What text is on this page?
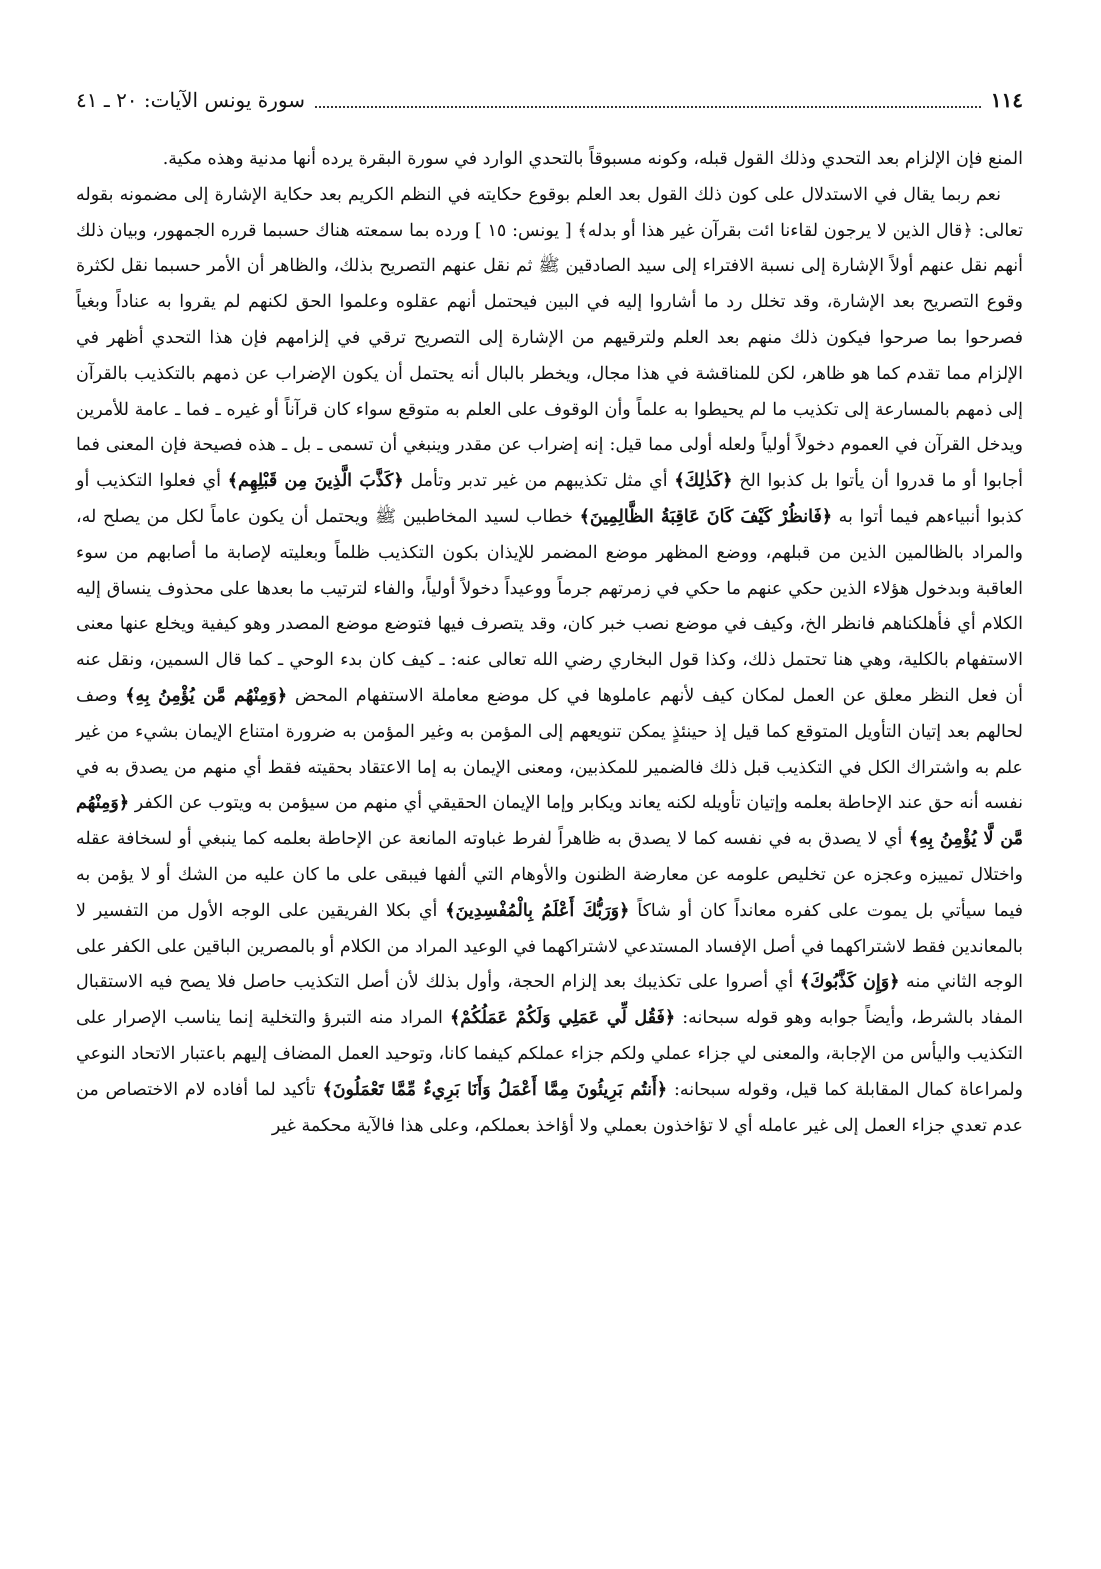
١١٤
سورة يونس الآيات: ٢٠ ـ ٤١

المنع فإن الإلزام بعد التحدي وذلك القول قبله، وكونه مسبوقاً بالتحدي الوارد في سورة البقرة يرده أنها مدنية وهذه مكية.

نعم ربما يقال في الاستدلال على كون ذلك القول بعد العلم بوقوع حكايته في النظم الكريم بعد حكاية الإشارة إلى مضمونه بقوله تعالى: ﴿قال الذين لا يرجون لقاءنا ائت بقرآن غير هذا أو بدله﴾ [ يونس: ١٥ ] ورده بما سمعته هناك حسبما قرره الجمهور، وبيان ذلك أنهم نقل عنهم أولاً الإشارة إلى نسبة الافتراء إلى سيد الصادقين ﷺ ثم نقل عنهم التصريح بذلك، والظاهر أن الأمر حسبما نقل لكثرة وقوع التصريح بعد الإشارة، وقد تخلل رد ما أشاروا إليه في البين فيحتمل أنهم عقلوه وعلموا الحق لكنهم لم يقروا به عناداً وبغياً فصرحوا بما صرحوا فيكون ذلك منهم بعد العلم ولترقيهم من الإشارة إلى التصريح ترقي في إلزامهم فإن هذا التحدي أظهر في الإلزام مما تقدم كما هو ظاهر، لكن للمناقشة في هذا مجال، ويخطر بالبال أنه يحتمل أن يكون الإضراب عن ذمهم بالتكذيب بالقرآن إلى ذمهم بالمسارعة إلى تكذيب ما لم يحيطوا به علماً وأن الوقوف على العلم به متوقع سواء كان قرآناً أو غيره ـ فما ـ عامة للأمرين ويدخل القرآن في العموم دخولاً أولياً ولعله أولى مما قيل: إنه إضراب عن مقدر وينبغي أن تسمى ـ بل ـ هذه فصيحة فإن المعنى فما أجابوا أو ما قدروا أن يأتوا بل كذبوا الخ ﴿كَذٰلِكَ﴾ أي مثل تكذيبهم من غير تدبر وتأمل ﴿كَذَّبَ الَّذِينَ مِن قَبْلِهِم﴾ أي فعلوا التكذيب أو كذبوا أنبياءهم فيما أتوا به ﴿فَانظُرْ كَيْفَ كَانَ عَاقِبَةُ الظَّالِمِينَ﴾ خطاب لسيد المخاطبين ﷺ ويحتمل أن يكون عاماً لكل من يصلح له، والمراد بالظالمين الذين من قبلهم، ووضع المظهر موضع المضمر للإيذان بكون التكذيب ظلماً وبعليته لإصابة ما أصابهم من سوء العاقبة وبدخول هؤلاء الذين حكي عنهم ما حكي في زمرتهم جرماً ووعيداً دخولاً أولياً، والفاء لترتيب ما بعدها على محذوف ينساق إليه الكلام أي فأهلكناهم فانظر الخ، وكيف في موضع نصب خبر كان، وقد يتصرف فيها فتوضع موضع المصدر وهو كيفية ويخلع عنها معنى الاستفهام بالكلية، وهي هنا تحتمل ذلك، وكذا قول البخاري رضي الله تعالى عنه: ـ كيف كان بدء الوحي ـ كما قال السمين، ونقل عنه أن فعل النظر معلق عن العمل لمكان كيف لأنهم عاملوها في كل موضع معاملة الاستفهام المحض ﴿وَمِنْهُم مَّن يُؤْمِنُ بِهِ﴾ وصف لحالهم بعد إتيان التأويل المتوقع كما قيل إذ حينئذٍ يمكن تنويعهم إلى المؤمن به وغير المؤمن به ضرورة امتناع الإيمان بشيء من غير علم به واشتراك الكل في التكذيب قبل ذلك فالضمير للمكذبين، ومعنى الإيمان به إما الاعتقاد بحقيته فقط أي منهم من يصدق به في نفسه أنه حق عند الإحاطة بعلمه وإتيان تأويله لكنه يعاند ويكابر وإما الإيمان الحقيقي أي منهم من سيؤمن به ويتوب عن الكفر ﴿وَمِنْهُم مَّن لَّا يُؤْمِنُ بِهِ﴾ أي لا يصدق به في نفسه كما لا يصدق به ظاهراً لفرط غباوته المانعة عن الإحاطة بعلمه كما ينبغي أو لسخافة عقله واختلال تمييزه وعجزه عن تخليص علومه عن معارضة الظنون والأوهام التي ألفها فيبقى على ما كان عليه من الشك أو لا يؤمن به فيما سيأتي بل يموت على كفره معانداً كان أو شاكاً ﴿وَرَبُّكَ أَعْلَمُ بِالْمُفْسِدِينَ﴾ أي بكلا الفريقين على الوجه الأول من التفسير لا بالمعاندين فقط لاشتراكهما في أصل الإفساد المستدعي لاشتراكهما في الوعيد المراد من الكلام أو بالمصرين الباقين على الكفر على الوجه الثاني منه ﴿وَإِن كَذَّبُوكَ﴾ أي أصروا على تكذيبك بعد إلزام الحجة، وأول بذلك لأن أصل التكذيب حاصل فلا يصح فيه الاستقبال المفاد بالشرط، وأيضاً جوابه وهو قوله سبحانه: ﴿فَقُل لِّي عَمَلِي وَلَكُمْ عَمَلُكُمْ﴾ المراد منه التبرؤ والتخلية إنما يناسب الإصرار على التكذيب واليأس من الإجابة، والمعنى لي جزاء عملي ولكم جزاء عملكم كيفما كانا، وتوحيد العمل المضاف إليهم باعتبار الاتحاد النوعي ولمراعاة كمال المقابلة كما قيل، وقوله سبحانه: ﴿أَنتُم بَرِيئُونَ مِمَّا أَعْمَلُ وَأَنَا بَرِيءٌ مِّمَّا تَعْمَلُونَ﴾ تأكيد لما أفاده لام الاختصاص من عدم تعدي جزاء العمل إلى غير عامله أي لا تؤاخذون بعملي ولا أؤاخذ بعملكم، وعلى هذا فالآية محكمة غير
